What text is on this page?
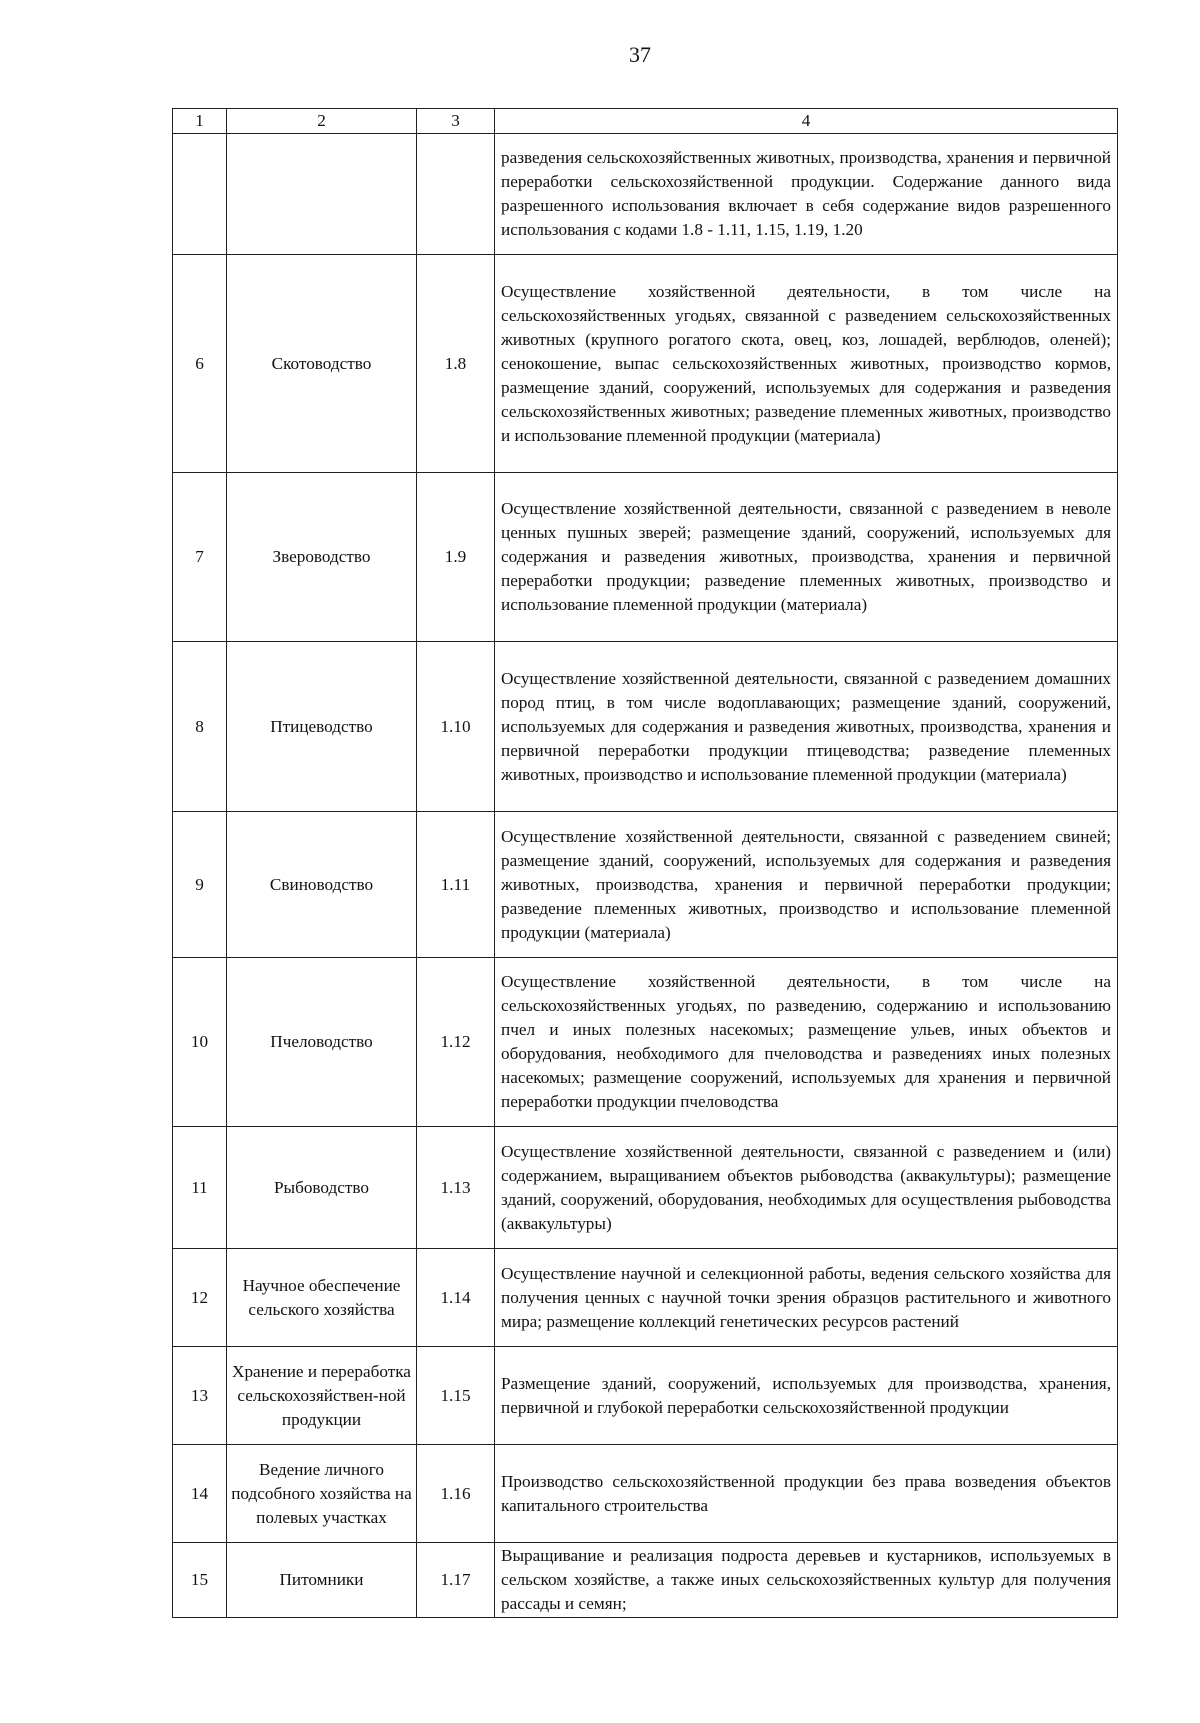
37
1	2	3	4
			разведения сельскохозяйственных животных, производства, хранения и первичной переработки сельскохозяйственной продукции. Содержание данного вида разрешенного использования включает в себя содержание видов разрешенного использования с кодами 1.8 - 1.11, 1.15, 1.19, 1.20
6	Скотоводство	1.8	Осуществление хозяйственной деятельности, в том числе на сельскохозяйственных угодьях, связанной с разведением сельскохозяйственных животных (крупного рогатого скота, овец, коз, лошадей, верблюдов, оленей); сенокошение, выпас сельскохозяйственных животных, производство кормов, размещение зданий, сооружений, используемых для содержания и разведения сельскохозяйственных животных; разведение племенных животных, производство и использование племенной продукции (материала)
7	Звероводство	1.9	Осуществление хозяйственной деятельности, связанной с разведением в неволе ценных пушных зверей; размещение зданий, сооружений, используемых для содержания и разведения животных, производства, хранения и первичной переработки продукции; разведение племенных животных, производство и использование племенной продукции (материала)
8	Птицеводство	1.10	Осуществление хозяйственной деятельности, связанной с разведением домашних пород птиц, в том числе водоплавающих; размещение зданий, сооружений, используемых для содержания и разведения животных, производства, хранения и первичной переработки продукции птицеводства; разведение племенных животных, производство и использование племенной продукции (материала)
9	Свиноводство	1.11	Осуществление хозяйственной деятельности, связанной с разведением свиней; размещение зданий, сооружений, используемых для содержания и разведения животных, производства, хранения и первичной переработки продукции; разведение племенных животных, производство и использование племенной продукции (материала)
10	Пчеловодство	1.12	Осуществление хозяйственной деятельности, в том числе на сельскохозяйственных угодьях, по разведению, содержанию и использованию пчел и иных полезных насекомых; размещение ульев, иных объектов и оборудования, необходимого для пчеловодства и разведениях иных полезных насекомых; размещение сооружений, используемых для хранения и первичной переработки продукции пчеловодства
11	Рыбоводство	1.13	Осуществление хозяйственной деятельности, связанной с разведением и (или) содержанием, выращиванием объектов рыбоводства (аквакультуры); размещение зданий, сооружений, оборудования, необходимых для осуществления рыбоводства (аквакультуры)
12	Научное обеспечение сельского хозяйства	1.14	Осуществление научной и селекционной работы, ведения сельского хозяйства для получения ценных с научной точки зрения образцов растительного и животного мира; размещение коллекций генетических ресурсов растений
13	Хранение и переработка сельскохозяйствен-ной продукции	1.15	Размещение зданий, сооружений, используемых для производства, хранения, первичной и глубокой переработки сельскохозяйственной продукции
14	Ведение личного подсобного хозяйства на полевых участках	1.16	Производство сельскохозяйственной продукции без права возведения объектов капитального строительства
15	Питомники	1.17	Выращивание и реализация подроста деревьев и кустарников, используемых в сельском хозяйстве, а также иных сельскохозяйственных культур для получения рассады и семян;
